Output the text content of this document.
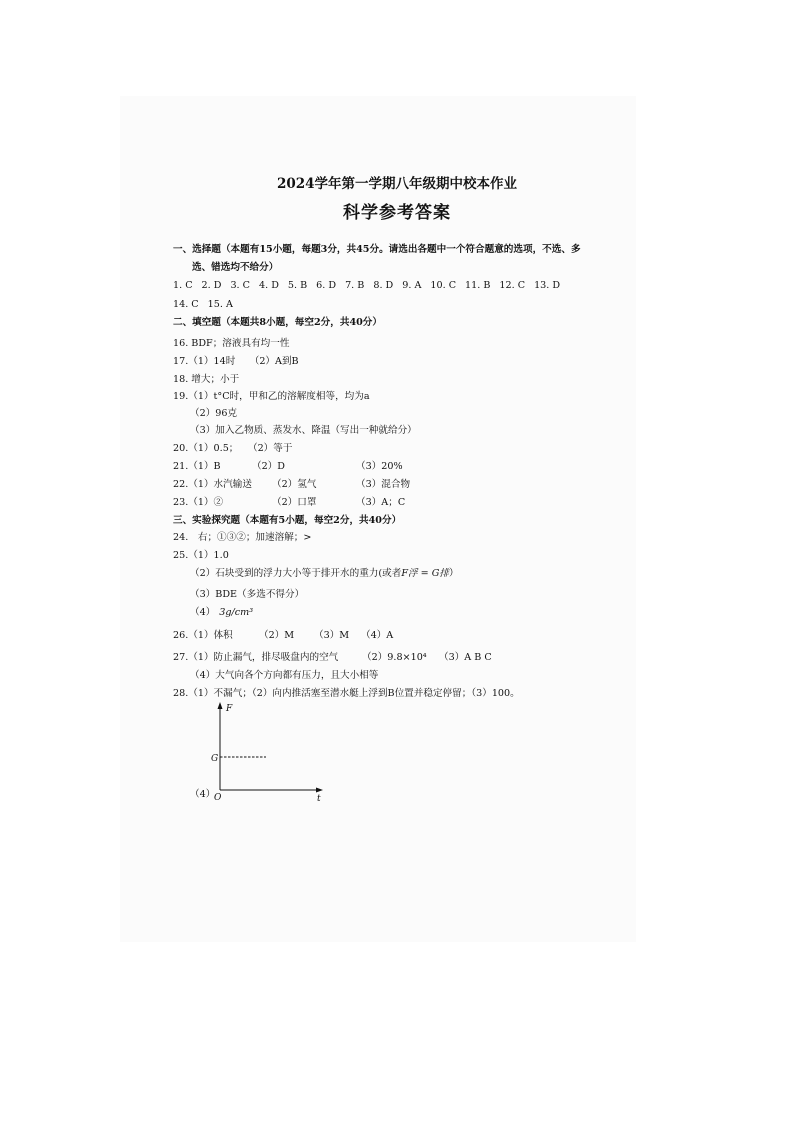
2024学年第一学期八年级期中校本作业
科学参考答案
一、选择题（本题有15小题，每题3分，共45分。请选出各题中一个符合题意的选项，不选、多
选、错选均不给分）
1. C 2. D 3. C 4. D 5. B 6. D 7. B 8. D 9. A 10. C 11. B 12. C 13. D
14. C 15. A
二、填空题（本题共8小题，每空2分，共40分）
16. BDF；溶液具有均一性
17.（1）14时　　（2）A到B
18. 增大；小于
19.（1）t°C时，甲和乙的溶解度相等，均为a
（2）96克
（3）加入乙物质、蒸发水、降温（写出一种就给分）
20.（1）0.5；　　（2）等于
21.（1）B	（2）D	（3）20%
22.（1）水汽输送 （2）氢气	（3）混合物
23.（1）②	（2）口罩	（3）A；C
三、实验探究题（本题有5小题，每空2分，共40分）
24.　右；①③②；加速溶解；>
25.（1）1.0
（2）石块受到的浮力大小等于排开水的重力(或者F浮 = G排）
（3）BDE（多选不得分）
（4） 3g/cm³
26.（1）体积	（2）M （3）M （4）A
27.（1）防止漏气，排尽吸盘内的空气 （2）9.8×10⁴ （3）A B C
（4）大气向各个方向都有压力，且大小相等
28.（1）不漏气；（2）向内推活塞至潜水艇上浮到B位置并稳定停留；（3）100。
（4）
F
t
O
G
